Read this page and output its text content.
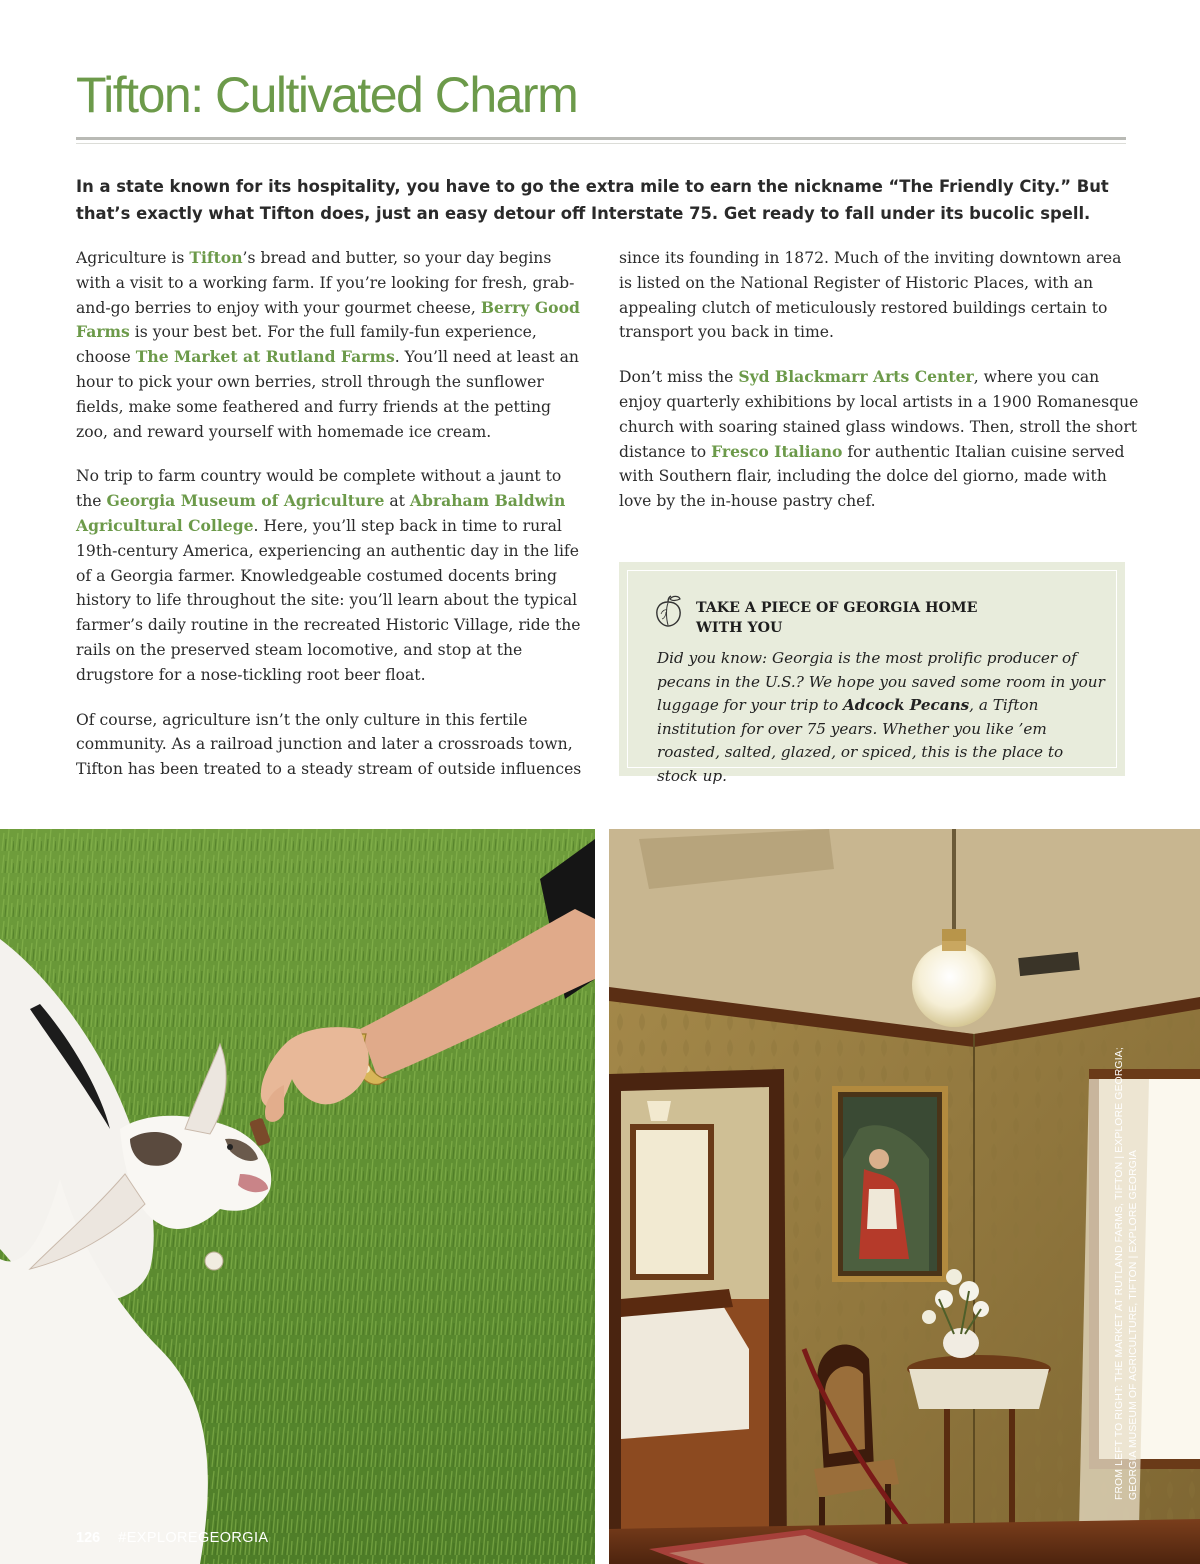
Tifton: Cultivated Charm

In a state known for its hospitality, you have to go the extra mile to earn the nickname “The Friendly City.” But that’s exactly what Tifton does, just an easy detour off Interstate 75. Get ready to fall under its bucolic spell.

Agriculture is Tifton’s bread and butter, so your day begins with a visit to a working farm. If you’re looking for fresh, grab-and-go berries to enjoy with your gourmet cheese, Berry Good Farms is your best bet. For the full family-fun experience, choose The Market at Rutland Farms. You’ll need at least an hour to pick your own berries, stroll through the sunflower fields, make some feathered and furry friends at the petting zoo, and reward yourself with homemade ice cream.

No trip to farm country would be complete without a jaunt to the Georgia Museum of Agriculture at Abraham Baldwin Agricultural College. Here, you’ll step back in time to rural 19th-century America, experiencing an authentic day in the life of a Georgia farmer. Knowledgeable costumed docents bring history to life throughout the site: you’ll learn about the typical farmer’s daily routine in the recreated Historic Village, ride the rails on the preserved steam locomotive, and stop at the drugstore for a nose-tickling root beer float.

Of course, agriculture isn’t the only culture in this fertile community. As a railroad junction and later a crossroads town, Tifton has been treated to a steady stream of outside influences

since its founding in 1872. Much of the inviting downtown area is listed on the National Register of Historic Places, with an appealing clutch of meticulously restored buildings certain to transport you back in time.

Don’t miss the Syd Blackmarr Arts Center, where you can enjoy quarterly exhibitions by local artists in a 1900 Romanesque church with soaring stained glass windows. Then, stroll the short distance to Fresco Italiano for authentic Italian cuisine served with Southern flair, including the dolce del giorno, made with love by the in-house pastry chef.

TAKE A PIECE OF GEORGIA HOME WITH YOU

Did you know: Georgia is the most prolific producer of pecans in the U.S.? We hope you saved some room in your luggage for your trip to Adcock Pecans, a Tifton institution for over 75 years. Whether you like ’em roasted, salted, glazed, or spiced, this is the place to stock up.

126 #EXPLOREGEORGIA
FROM LEFT TO RIGHT: THE MARKET AT RUTLAND FARMS, TIFTON | EXPLORE GEORGIA; GEORGIA MUSEUM OF AGRICULTURE, TIFTON | EXPLORE GEORGIA
